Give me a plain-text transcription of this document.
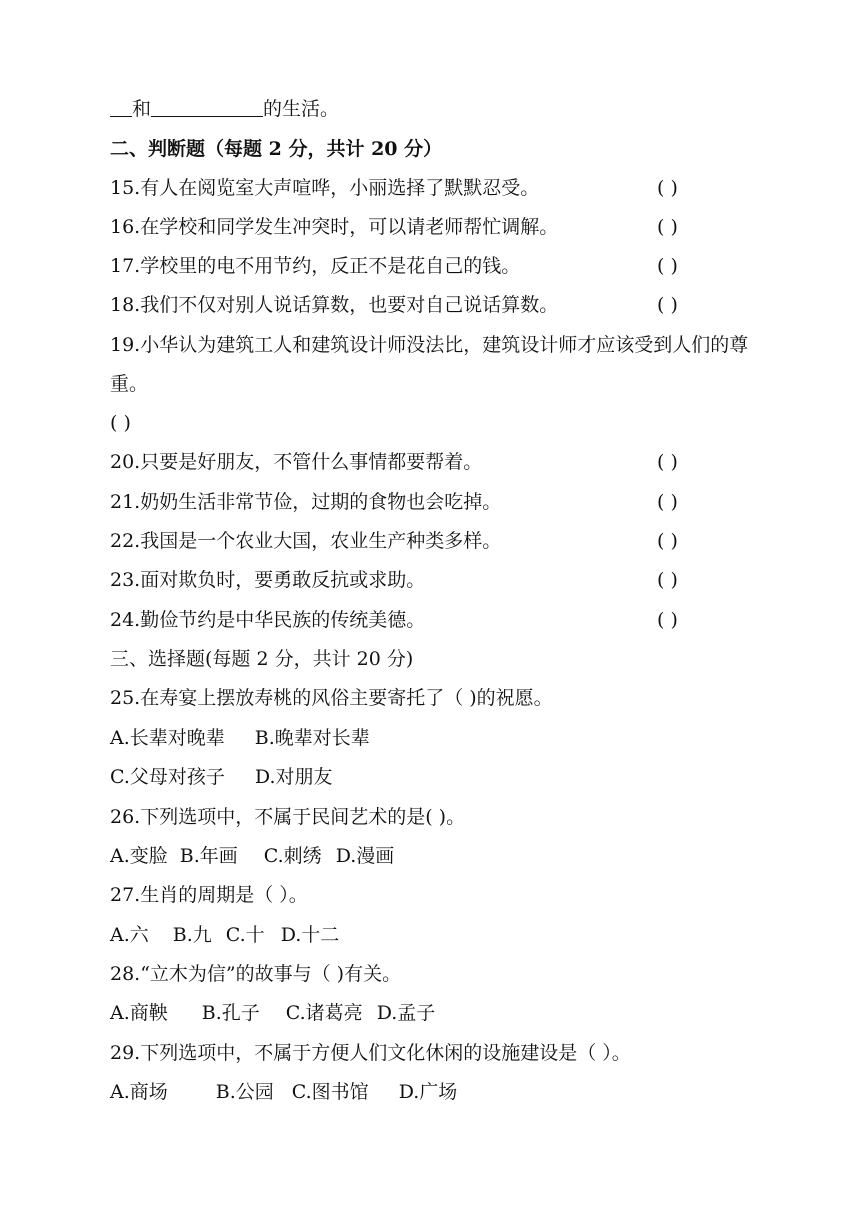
和	的生活。
二、判断题（每题 2 分，共计 20 分）
15.有人在阅览室大声喧哗，小丽选择了默默忍受。	( )
16.在学校和同学发生冲突时，可以请老师帮忙调解。	( )
17.学校里的电不用节约，反正不是花自己的钱。	( )
18.我们不仅对别人说话算数，也要对自己说话算数。	( )
19.小华认为建筑工人和建筑设计师没法比，建筑设计师才应该受到人们的尊
重。
( )
20.只要是好朋友，不管什么事情都要帮着。	( )
21.奶奶生活非常节俭，过期的食物也会吃掉。	( )
22.我国是一个农业大国，农业生产种类多样。	( )
23.面对欺负时，要勇敢反抗或求助。	( )
24.勤俭节约是中华民族的传统美德。	( )
三、选择题(每题 2 分，共计 20 分)
25.在寿宴上摆放寿桃的风俗主要寄托了（ )的祝愿。
A.长辈对晚辈 B.晚辈对长辈
C.父母对孩子 D.对朋友
26.下列选项中，不属于民间艺术的是( )。
A.变脸 B.年画 C.刺绣 D.漫画
27.生肖的周期是（ ）。
A.六 B.九 C.十 D.十二
28.“立木为信”的故事与（ )有关。
A.商鞅 B.孔子 C.诸葛亮 D.孟子
29.下列选项中，不属于方便人们文化休闲的设施建设是（ ）。
A.商场	B.公园 C.图书馆 D.广场
